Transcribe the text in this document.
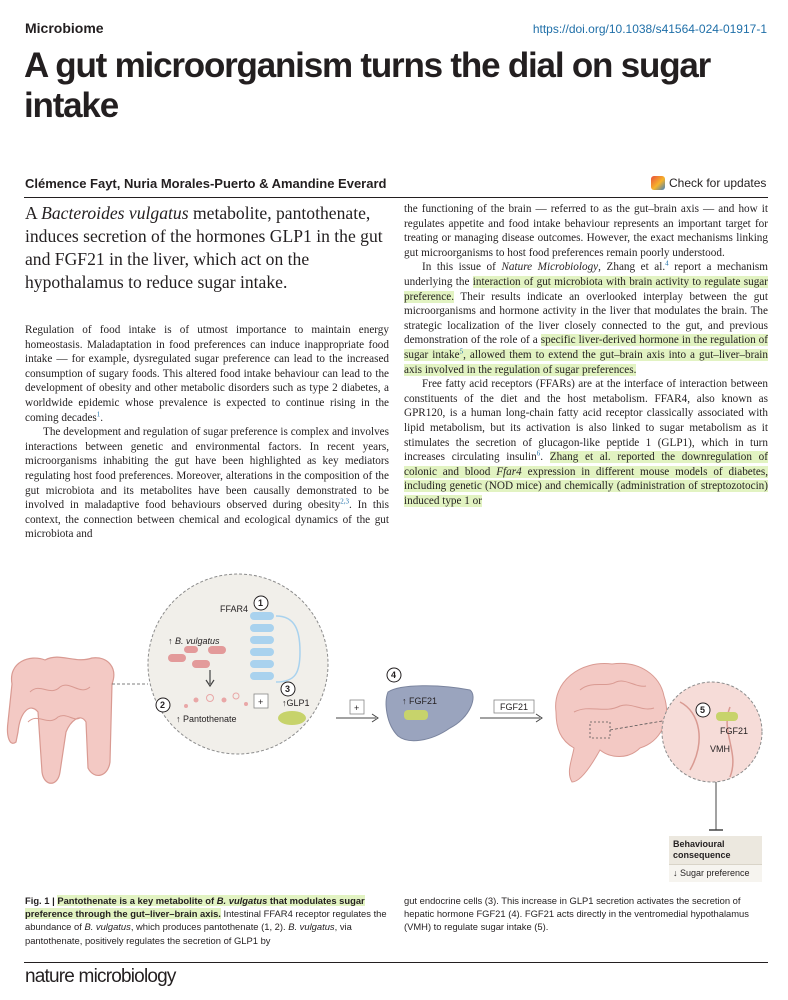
Microbiome	https://doi.org/10.1038/s41564-024-01917-1
A gut microorganism turns the dial on sugar intake
Clémence Fayt, Nuria Morales-Puerto & Amandine Everard	Check for updates
A Bacteroides vulgatus metabolite, pantothenate, induces secretion of the hormones GLP1 in the gut and FGF21 in the liver, which act on the hypothalamus to reduce sugar intake.

Regulation of food intake is of utmost importance to maintain energy homeostasis. Maladaptation in food preferences can induce inappropriate food intake — for example, dysregulated sugar preference can lead to the increased consumption of sugary foods. This altered food intake behaviour can lead to the development of obesity and other metabolic disorders such as type 2 diabetes, a worldwide epidemic whose prevalence is expected to continue rising in the coming decades$^1$.

The development and regulation of sugar preference is complex and involves interactions between genetic and environmental factors. In recent years, microorganisms inhabiting the gut have been highlighted as key mediators regulating host food preferences. Moreover, alterations in the composition of the gut microbiota and its metabolites have been causally demonstrated to be involved in maladaptive food behaviours observed during obesity$^{2,3}$. In this context, the connection between chemical and ecological dynamics of the gut microbiota and

the functioning of the brain — referred to as the gut–brain axis — and how it regulates appetite and food intake behaviour represents an important target for treating or managing disease outcomes. However, the exact mechanisms linking gut microorganisms to host food preferences remain poorly understood.

In this issue of Nature Microbiology, Zhang et al.$^4$ report a mechanism underlying the interaction of gut microbiota with brain activity to regulate sugar preference. Their results indicate an overlooked interplay between the gut microorganisms and hormone activity in the liver that modulates the brain. The strategic localization of the liver closely connected to the gut, and previous demonstration of the role of a specific liver-derived hormone in the regulation of sugar intake$^5$, allowed them to extend the gut–brain axis into a gut–liver–brain axis involved in the regulation of sugar preferences.

Free fatty acid receptors (FFARs) are at the interface of interaction between constituents of the diet and the host metabolism. FFAR4, also known as GPR120, is a human long-chain fatty acid receptor classically associated with lipid metabolism, but its activation is also linked to sugar metabolism as it stimulates the secretion of glucagon-like peptide 1 (GLP1), which in turn increases circulating insulin$^6$. Zhang et al. reported the downregulation of colonic and blood Ffar4 expression in different mouse models of diabetes, including genetic (NOD mice) and chemically (administration of streptozotocin) induced type 1 or

FFAR4
↑ B. vulgatus
↑ Pantothenate
+ ↑GLP1
1
2
3
+
4
↑ FGF21
FGF21	5
FGF21
VMH
Behavioural consequence
↓ Sugar preference
Fig. 1 | Pantothenate is a key metabolite of B. vulgatus that modulates sugar preference through the gut–liver–brain axis. Intestinal FFAR4 receptor regulates the abundance of B. vulgatus, which produces pantothenate (1, 2). B. vulgatus, via pantothenate, positively regulates the secretion of GLP1 by
gut endocrine cells (3). This increase in GLP1 secretion activates the secretion of hepatic hormone FGF21 (4). FGF21 acts directly in the ventromedial hypothalamus (VMH) to regulate sugar intake (5).
nature microbiology
